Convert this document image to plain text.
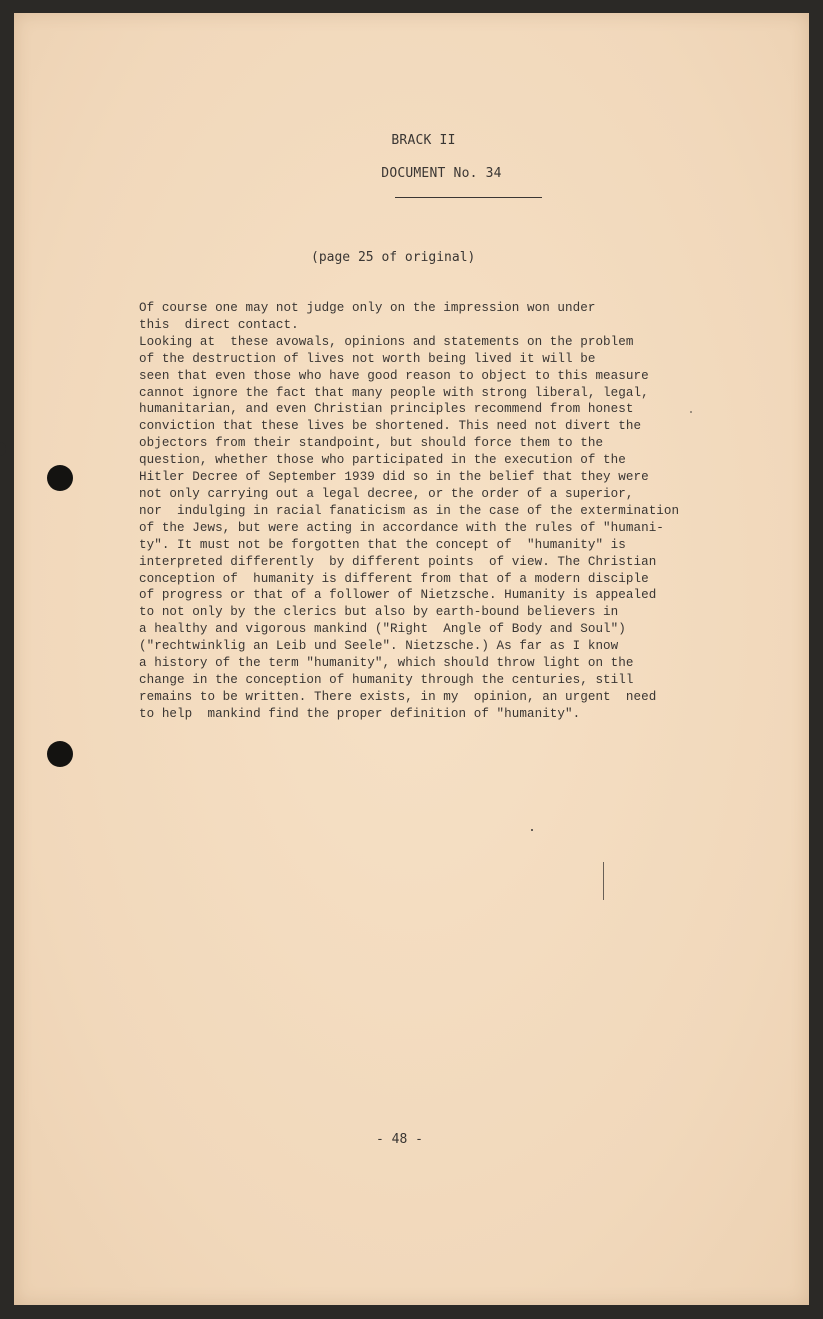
BRACK II
DOCUMENT No. 34
(page 25 of original)
Of course one may not judge only on the impression won under
this  direct contact.
Looking at  these avowals, opinions and statements on the problem
of the destruction of lives not worth being lived it will be
seen that even those who have good reason to object to this measure
cannot ignore the fact that many people with strong liberal, legal,
humanitarian, and even Christian principles recommend from honest
conviction that these lives be shortened. This need not divert the
objectors from their standpoint, but should force them to the
question, whether those who participated in the execution of the
Hitler Decree of September 1939 did so in the belief that they were
not only carrying out a legal decree, or the order of a superior,
nor  indulging in racial fanaticism as in the case of the extermination
of the Jews, but were acting in accordance with the rules of "humani-
ty". It must not be forgotten that the concept of  "humanity" is
interpreted differently  by different points  of view. The Christian
conception of  humanity is different from that of a modern disciple
of progress or that of a follower of Nietzsche. Humanity is appealed
to not only by the clerics but also by earth-bound believers in
a healthy and vigorous mankind ("Right  Angle of Body and Soul")
("rechtwinklig an Leib und Seele". Nietzsche.) As far as I know
a history of the term "humanity", which should throw light on the
change in the conception of humanity through the centuries, still
remains to be written. There exists, in my  opinion, an urgent  need
to help  mankind find the proper definition of "humanity".
- 48 -
